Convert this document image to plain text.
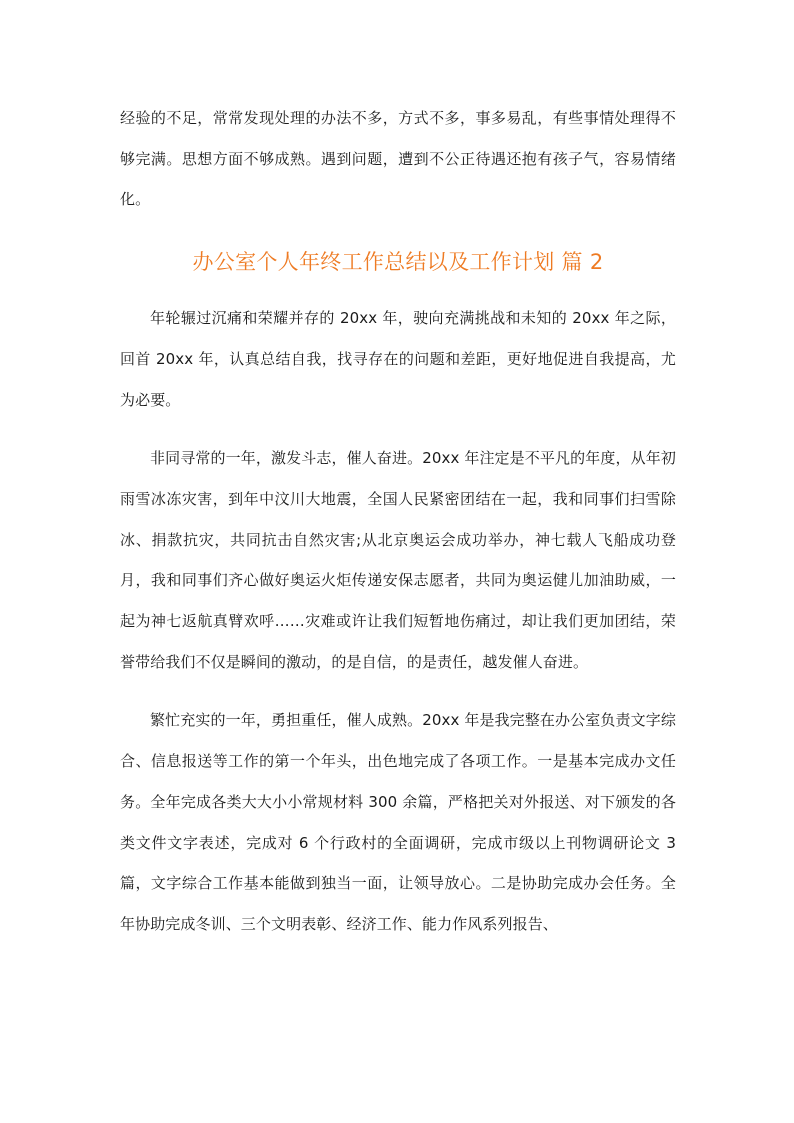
经验的不足，常常发现处理的办法不多，方式不多，事多易乱，有些事情处理得不够完满。思想方面不够成熟。遇到问题，遭到不公正待遇还抱有孩子气，容易情绪化。

办公室个人年终工作总结以及工作计划 篇 2

年轮辗过沉痛和荣耀并存的 20xx 年，驶向充满挑战和未知的 20xx 年之际，回首 20xx 年，认真总结自我，找寻存在的问题和差距，更好地促进自我提高，尤为必要。

非同寻常的一年，激发斗志，催人奋进。20xx 年注定是不平凡的年度，从年初雨雪冰冻灾害，到年中汶川大地震，全国人民紧密团结在一起，我和同事们扫雪除冰、捐款抗灾，共同抗击自然灾害;从北京奥运会成功举办，神七载人飞船成功登月，我和同事们齐心做好奥运火炬传递安保志愿者，共同为奥运健儿加油助威，一起为神七返航真臂欢呼……灾难或许让我们短暂地伤痛过，却让我们更加团结，荣誉带给我们不仅是瞬间的激动，的是自信，的是责任，越发催人奋进。

繁忙充实的一年，勇担重任，催人成熟。20xx 年是我完整在办公室负责文字综合、信息报送等工作的第一个年头，出色地完成了各项工作。一是基本完成办文任务。全年完成各类大大小小常规材料 300 余篇，严格把关对外报送、对下颁发的各类文件文字表述，完成对 6 个行政村的全面调研，完成市级以上刊物调研论文 3 篇，文字综合工作基本能做到独当一面，让领导放心。二是协助完成办会任务。全年协助完成冬训、三个文明表彰、经济工作、能力作风系列报告、
